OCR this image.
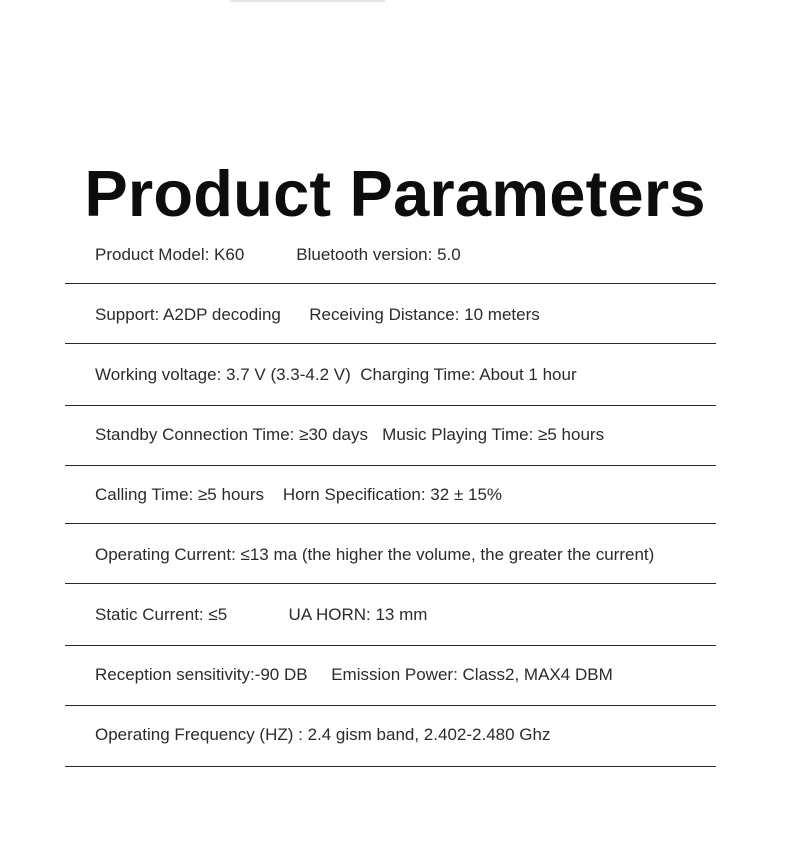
Product Parameters
Product Model: K60           Bluetooth version: 5.0
Support: A2DP decoding      Receiving Distance: 10 meters
Working voltage: 3.7 V (3.3-4.2 V)  Charging Time: About 1 hour
Standby Connection Time: ≥30 days   Music Playing Time: ≥5 hours
Calling Time: ≥5 hours    Horn Specification: 32 ± 15%
Operating Current: ≤13 ma (the higher the volume, the greater the current)
Static Current: ≤5             UA HORN: 13 mm
Reception sensitivity:-90 DB     Emission Power: Class2, MAX4 DBM
Operating Frequency (HZ) : 2.4 gism band, 2.402-2.480 Ghz
